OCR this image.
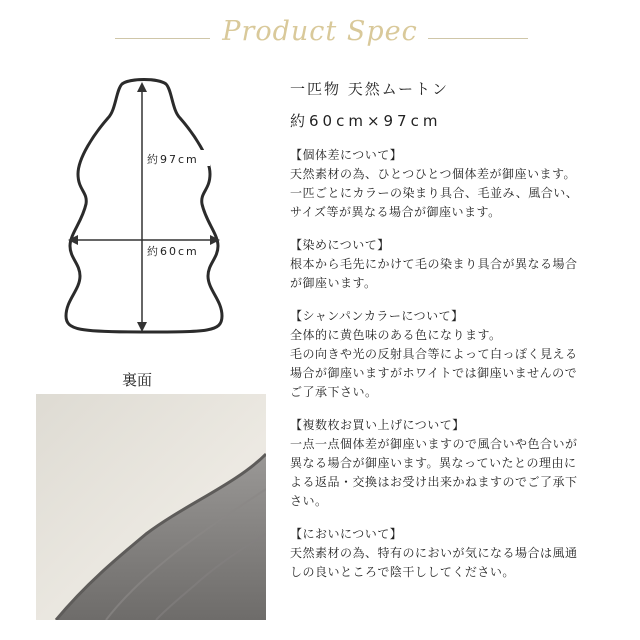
Product Spec
約97cm
約60cm
裏面
一匹物 天然ムートン
約60cm×97cm
【個体差について】
天然素材の為、ひとつひとつ個体差が御座います。
一匹ごとにカラーの染まり具合、毛並み、風合い、
サイズ等が異なる場合が御座います。
【染めについて】
根本から毛先にかけて毛の染まり具合が異なる場合
が御座います。
【シャンパンカラーについて】
全体的に黄色味のある色になります。
毛の向きや光の反射具合等によって白っぽく見える
場合が御座いますがホワイトでは御座いませんので
ご了承下さい。
【複数枚お買い上げについて】
一点一点個体差が御座いますので風合いや色合いが
異なる場合が御座います。異なっていたとの理由に
よる返品・交換はお受け出来かねますのでご了承下
さい。
【においについて】
天然素材の為、特有のにおいが気になる場合は風通
しの良いところで陰干ししてください。
